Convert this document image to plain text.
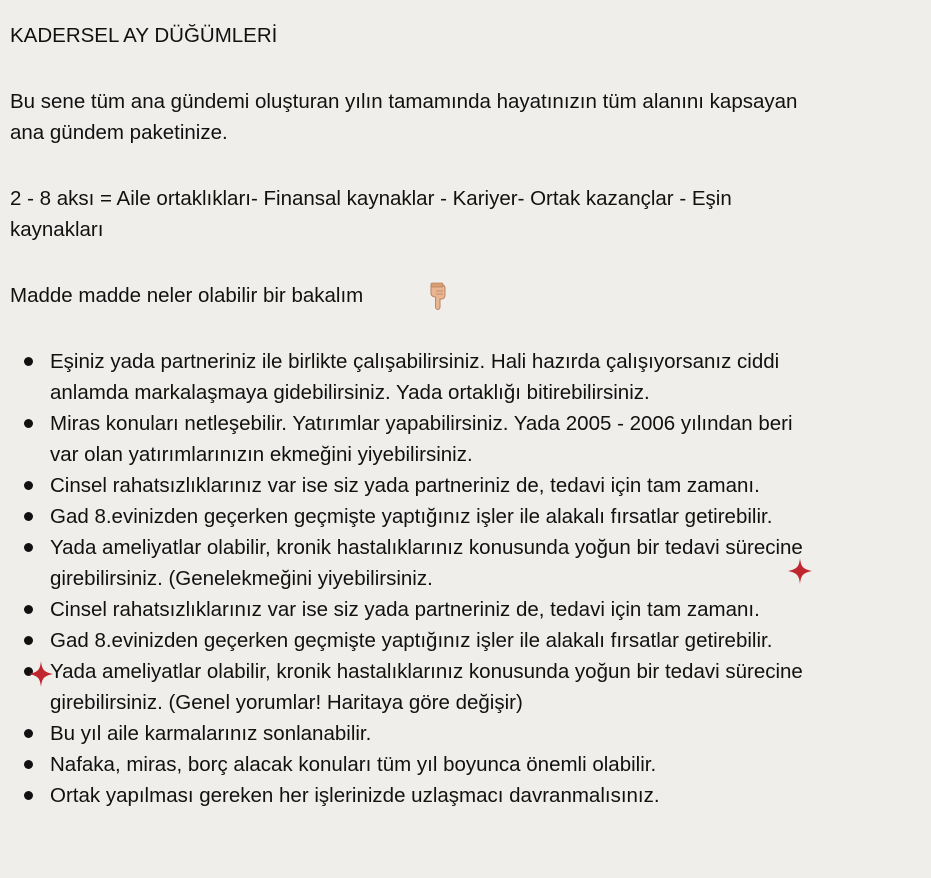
KADERSEL AY DÜĞÜMLERİ
Bu sene tüm ana gündemi oluşturan yılın tamamında hayatınızın tüm alanını kapsayan
ana gündem paketinize.
2 - 8 aksı = Aile ortaklıkları- Finansal kaynaklar - Kariyer- Ortak kazançlar - Eşin
kaynakları
Madde madde neler olabilir bir bakalım
Eşiniz yada partneriniz ile birlikte çalışabilirsiniz. Hali hazırda çalışıyorsanız ciddi
anlamda markalaşmaya gidebilirsiniz. Yada ortaklığı bitirebilirsiniz.
Miras konuları netleşebilir. Yatırımlar yapabilirsiniz. Yada 2005 - 2006 yılından beri
var olan yatırımlarınızın ekmeğini yiyebilirsiniz.
Cinsel rahatsızlıklarınız var ise siz yada partneriniz de, tedavi için tam zamanı.
Gad 8.evinizden geçerken geçmişte yaptığınız işler ile alakalı fırsatlar getirebilir.
Yada ameliyatlar olabilir, kronik hastalıklarınız konusunda yoğun bir tedavi sürecine
girebilirsiniz. (Genelekmeğini yiyebilirsiniz.
Cinsel rahatsızlıklarınız var ise siz yada partneriniz de, tedavi için tam zamanı.
Gad 8.evinizden geçerken geçmişte yaptığınız işler ile alakalı fırsatlar getirebilir.
Yada ameliyatlar olabilir, kronik hastalıklarınız konusunda yoğun bir tedavi sürecine
girebilirsiniz. (Genel yorumlar! Haritaya göre değişir)
Bu yıl aile karmalarınız sonlanabilir.
Nafaka, miras, borç alacak konuları tüm yıl boyunca önemli olabilir.
Ortak yapılması gereken her işlerinizde uzlaşmacı davranmalısınız.
